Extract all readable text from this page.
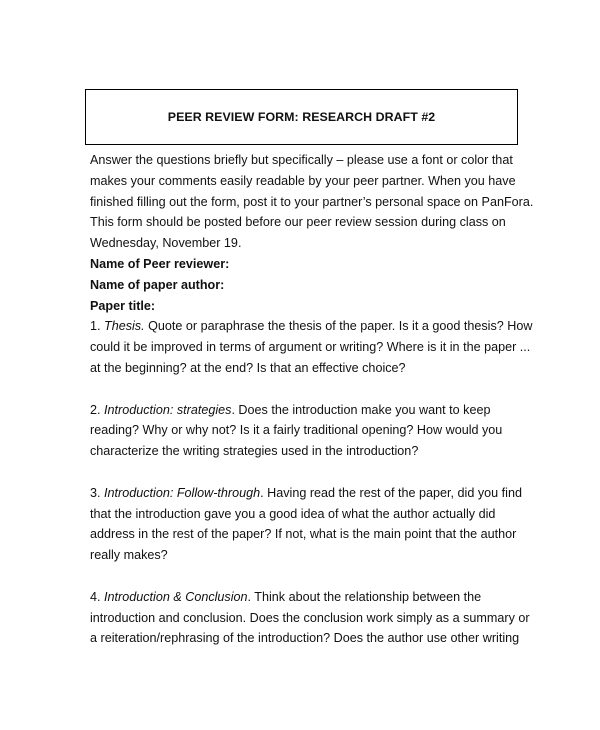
PEER REVIEW FORM: RESEARCH DRAFT #2

Answer the questions briefly but specifically – please use a font or color that
makes your comments easily readable by your peer partner. When you have
finished filling out the form, post it to your partner’s personal space on PanFora.
This form should be posted before our peer review session during class on
Wednesday, November 19.

Name of Peer reviewer:

Name of paper author:

Paper title:

1. Thesis. Quote or paraphrase the thesis of the paper. Is it a good thesis? How
could it be improved in terms of argument or writing? Where is it in the paper ...
at the beginning? at the end? Is that an effective choice?
2. Introduction: strategies. Does the introduction make you want to keep
reading? Why or why not? Is it a fairly traditional opening? How would you
characterize the writing strategies used in the introduction?
3. Introduction: Follow-through. Having read the rest of the paper, did you find
that the introduction gave you a good idea of what the author actually did
address in the rest of the paper? If not, what is the main point that the author
really makes?
4. Introduction & Conclusion. Think about the relationship between the
introduction and conclusion. Does the conclusion work simply as a summary or
a reiteration/rephrasing of the introduction? Does the author use other writing
